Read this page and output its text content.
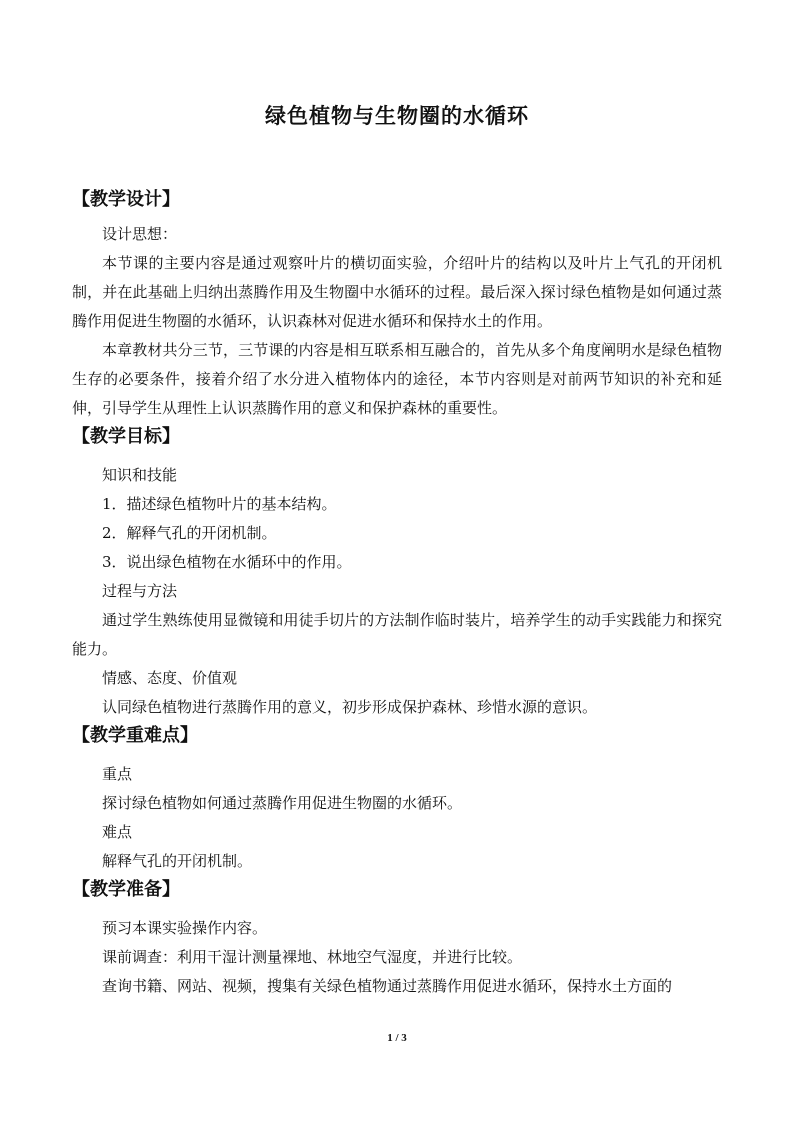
绿色植物与生物圈的水循环
【教学设计】

设计思想：

本节课的主要内容是通过观察叶片的横切面实验，介绍叶片的结构以及叶片上气孔的开闭机制，并在此基础上归纳出蒸腾作用及生物圈中水循环的过程。最后深入探讨绿色植物是如何通过蒸腾作用促进生物圈的水循环，认识森林对促进水循环和保持水土的作用。

本章教材共分三节，三节课的内容是相互联系相互融合的，首先从多个角度阐明水是绿色植物生存的必要条件，接着介绍了水分进入植物体内的途径，本节内容则是对前两节知识的补充和延伸，引导学生从理性上认识蒸腾作用的意义和保护森林的重要性。

【教学目标】

知识和技能

1．描述绿色植物叶片的基本结构。

2．解释气孔的开闭机制。

3．说出绿色植物在水循环中的作用。

过程与方法

通过学生熟练使用显微镜和用徒手切片的方法制作临时装片，培养学生的动手实践能力和探究能力。

情感、态度、价值观

认同绿色植物进行蒸腾作用的意义，初步形成保护森林、珍惜水源的意识。

【教学重难点】

重点

探讨绿色植物如何通过蒸腾作用促进生物圈的水循环。

难点

解释气孔的开闭机制。

【教学准备】

预习本课实验操作内容。

课前调查：利用干湿计测量裸地、林地空气湿度，并进行比较。

查询书籍、网站、视频，搜集有关绿色植物通过蒸腾作用促进水循环，保持水土方面的

1 / 3
